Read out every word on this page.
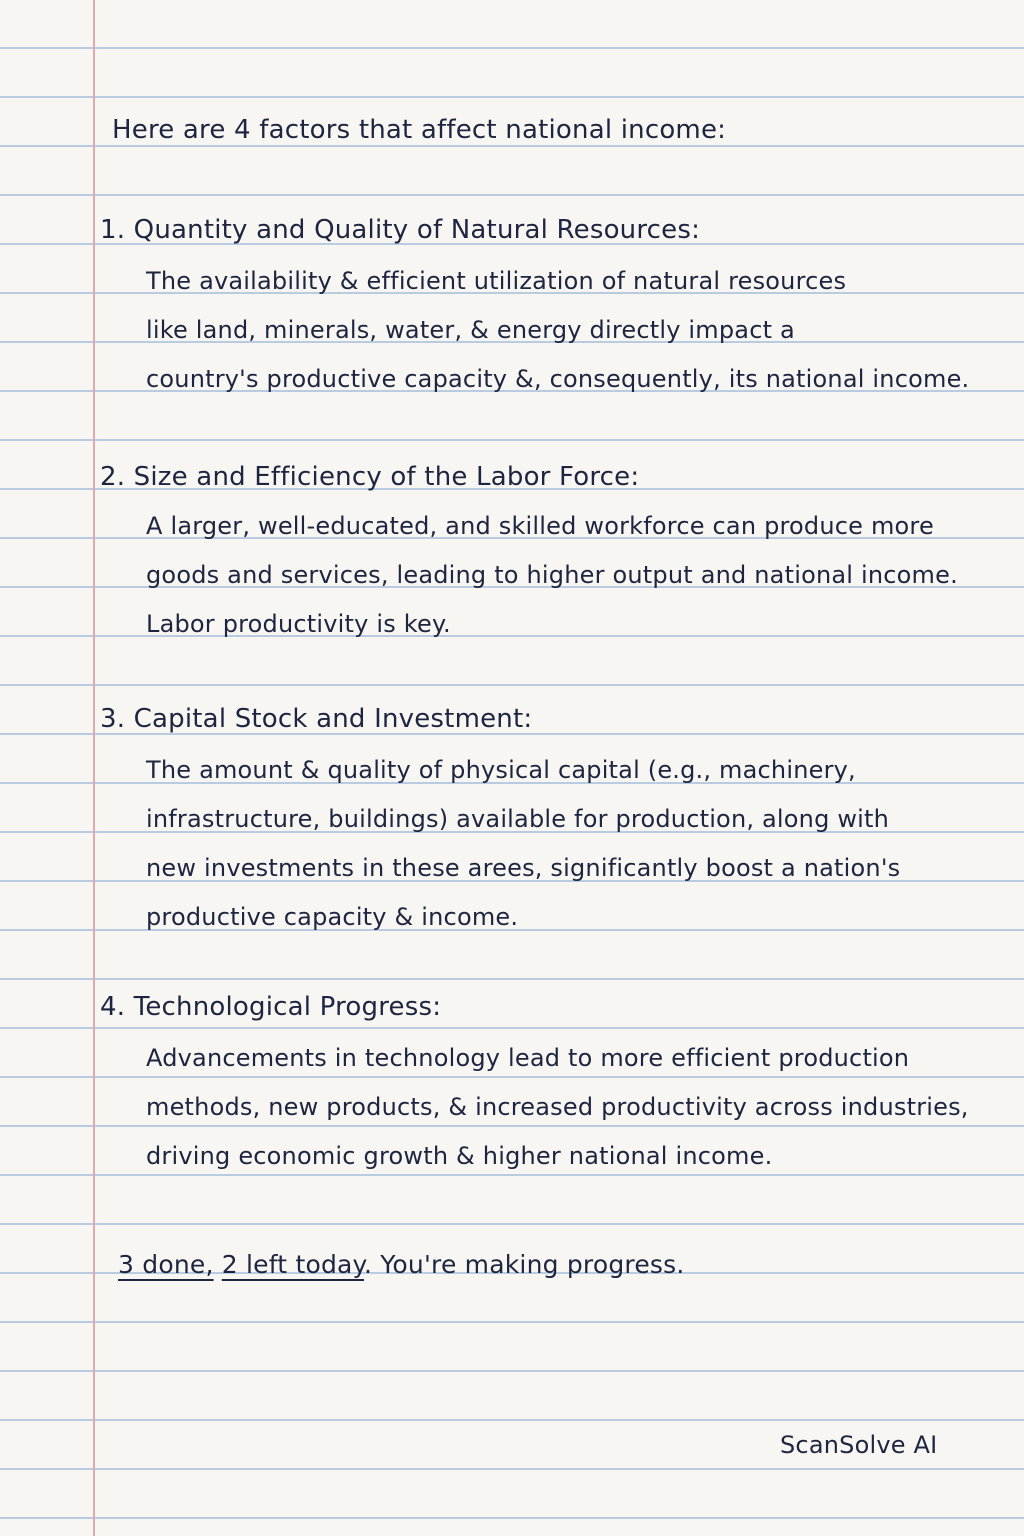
Here are 4 factors that affect national income:
1. Quantity and Quality of Natural Resources:
The availability & efficient utilization of natural resources
like land, minerals, water, & energy directly impact a
country's productive capacity &, consequently, its national income.
2. Size and Efficiency of the Labor Force:
A larger, well-educated, and skilled workforce can produce more
goods and services, leading to higher output and national income.
Labor productivity is key.
3. Capital Stock and Investment:
The amount & quality of physical capital (e.g., machinery,
infrastructure, buildings) available for production, along with
new investments in these arees, significantly boost a nation's
productive capacity & income.
4. Technological Progress:
Advancements in technology lead to more efficient production
methods, new products, & increased productivity across industries,
driving economic growth & higher national income.
3 done, 2 left today. You're making progress.
ScanSolve AI
